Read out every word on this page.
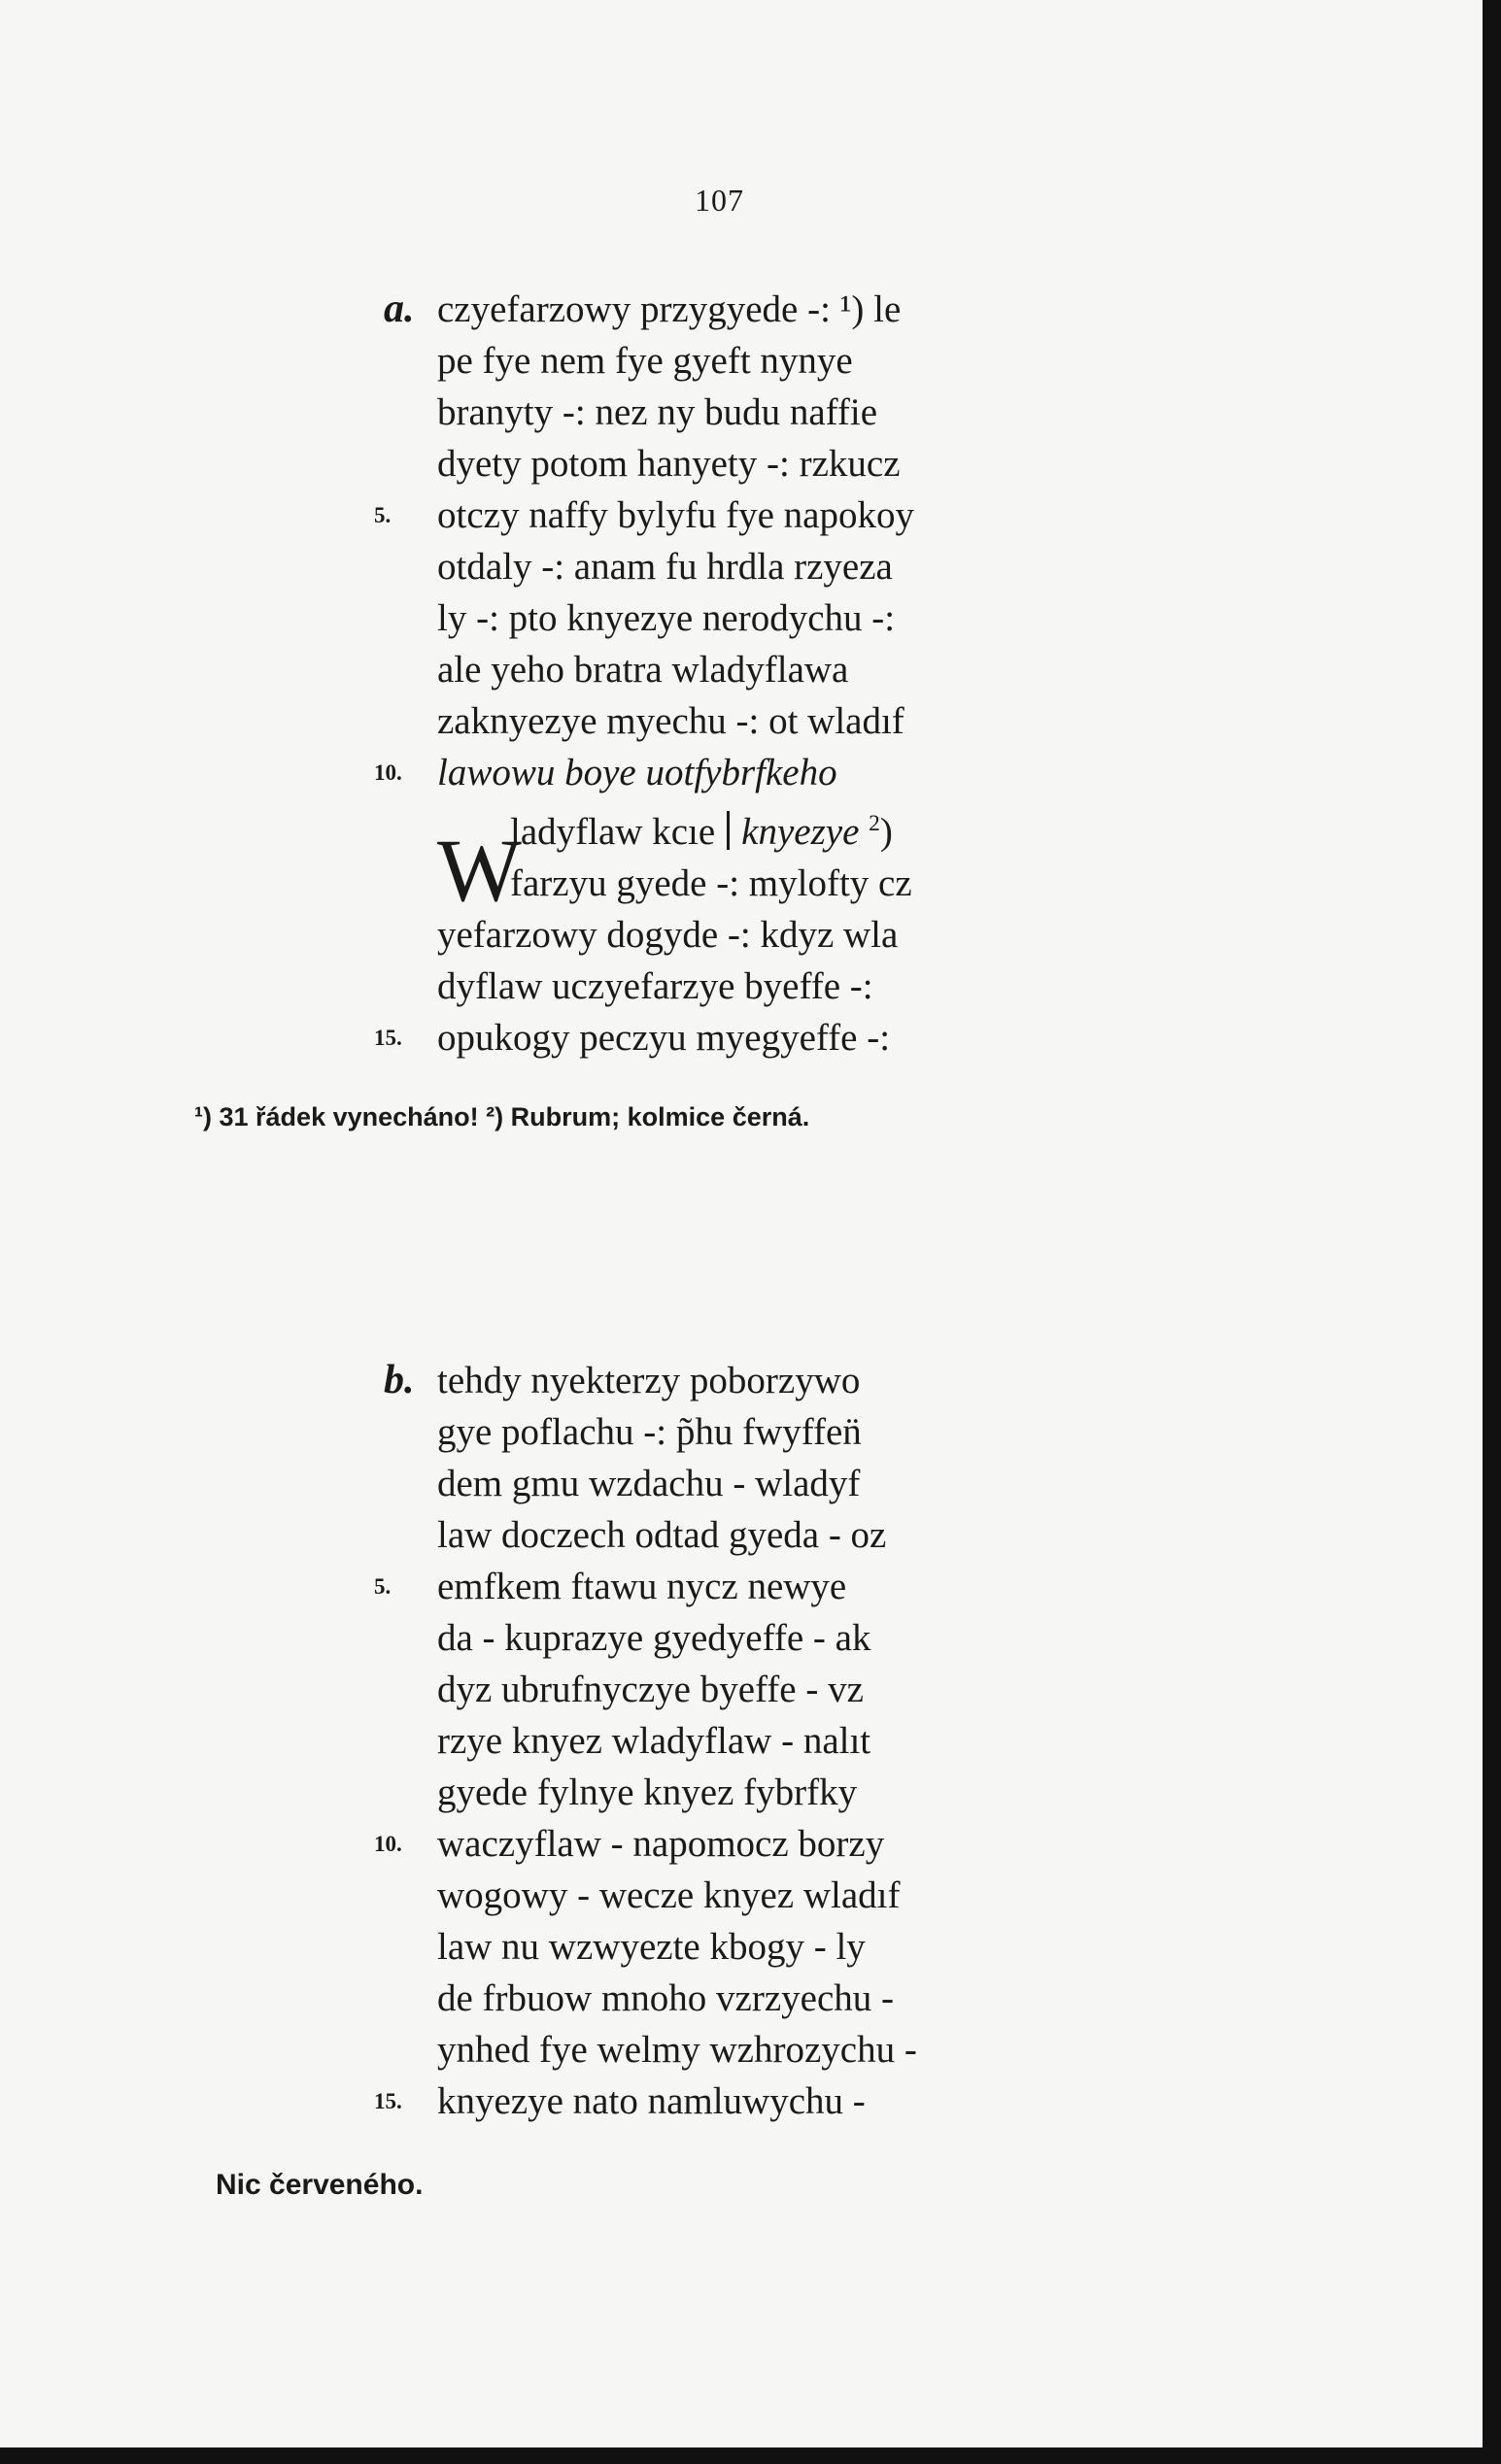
107
a. czyefarzowy przygyede -: ¹) le
pe fye nem fye gyeft nynye
branyty -: nez ny budu naffie
dyety potom hanyety -: rzkucz
5. otczy naffy bylyfu fye napokoy
otdaly -: anam fu hrdla rzyeza
ly -: pto knyezye nerodychu -:
ale yeho bratra wladyflawa
zaknyezye myechu -: ot wladıf
10. lawowu boye uotfybrfkeho
W
ladyflaw kcıe knyezye $^2$)
farzyu gyede -: mylofty cz
yefarzowy dogyde -: kdyz wla
dyflaw uczyefarzye byeffe -:
15. opukogy peczyu myegyeffe -:
¹) 31 řádek vynecháno! ²) Rubrum; kolmice černá.
b. tehdy nyekterzy poborzywo
gye poflachu -: p̃hu fwyffen̈
dem gmu wzdachu - wladyf
law doczech odtad gyeda - oz
5. emfkem ftawu nycz newye
da - kuprazye gyedyeffe - ak
dyz ubrufnyczye byeffe - vz
rzye knyez wladyflaw - nalıt
gyede fylnye knyez fybrfky
10. waczyflaw - napomocz borzy
wogowy - wecze knyez wladıf
law nu wzwyezte kbogy - ly
de frbuow mnoho vzrzyechu -
ynhed fye welmy wzhrozychu -
15. knyezye nato namluwychu -
Nic červeného.
